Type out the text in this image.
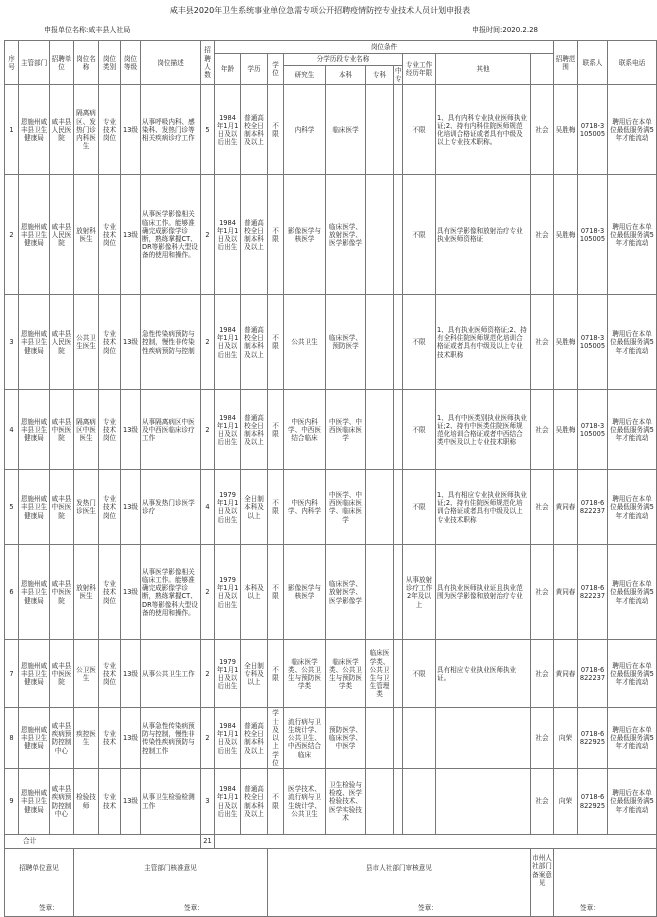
咸丰县2020年卫生系统事业单位急需专项公开招聘疫情防控专业技术人员计划申报表
申报单位名称:咸丰县人社局	申报时间:2020.2.28
序号	主管部门	招聘单位	岗位名称	岗位类别	岗位等级	岗位描述	招聘人数	岗位条件										招聘范围	联系人	联系电话	
								年龄	学历	学位	分学历段专业名称				专业工作经历年限	其他					
											研究生	本科	专科	中专							
1	恩施州咸丰县卫生健康局	咸丰县人民医院	隔离病区、发热门诊内科医生	专业技术岗位	13级	从事呼吸内科、感染科、发热门诊等相关疾病诊疗工作	5	1984年1月1日及以后出生	普通高校全日制本科及以上	不限	内科学	临床医学			不限	1、具有内科专业执业医师执业证;2、持有内科住院医师规范化培训合格证或者具有中级及以上专业技术职称。	社会	吴胜梅	0718-3105005	聘用后在本单位最低服务满5年才能流动	
2	恩施州咸丰县卫生健康局	咸丰县人民医院	放射科医生	专业技术岗位	13级	从事医学影像相关临床工作。能够准确完成影像学诊断，熟练掌握CT、DR等影像科大型设备的使用和操作。	2	1984年1月1日及以后出生	普通高校全日制本科及以上	不限	影像医学与核医学	临床医学、放射医学、医学影像学			不限	具有医学影像和放射治疗专业执业医师资格证	社会	吴胜梅	0718-3105005	聘用后在本单位最低服务满5年才能流动	
3	恩施州咸丰县卫生健康局	咸丰县人民医院	公共卫生医生	专业技术岗位	13级	急性传染病预防与控制，慢性非传染性疾病预防与控制	2	1984年1月1日及以后出生	普通高校全日制本科及以上	不限	公共卫生	临床医学、预防医学			不限	1、具有执业医师资格证;2、持有全科住院医师规范化培训合格证或者具有中级及以上专业技术职称	社会	吴胜梅	0718-3105005	聘用后在本单位最低服务满5年才能流动	
4	恩施州咸丰县卫生健康局	咸丰县中医医院	隔离病区中医医生	专业技术岗位	13级	从事隔离病区中医及中西医临床诊疗工作	2	1984年1月1日及以后出生	普通高校全日制本科及以上	不限	中医内科学、中西医结合临床	中医学、中西医临床医学			不限	1、具有中医类别执业医师执业证;2、持有中医类住院医师规范化培训合格证或者中西结合类中医及以上专业技术职称	社会	吴胜梅	0718-3105005	聘用后在本单位最低服务满5年才能流动	
5	恩施州咸丰县卫生健康局	咸丰县中医医院	发热门诊医生	专业技术岗位	13级	从事发热门诊医学诊疗	4	1979年1月1日及以后出生	全日制本科及以上	不限	中医内科学、内科学	中医学、中西医临床医学、临床医学			不限	1、具有相应专业执业医师执业证;2、持有住院医师规范化培训合格证或者具有中级及以上专业技术职称	社会	黄同春	0718-6822237	聘用后在本单位最低服务满5年才能流动	
6	恩施州咸丰县卫生健康局	咸丰县中医医院	放射科医生	专业技术岗位	13级	从事医学影像相关临床工作。能够准确完成影像学诊断，熟练掌握CT、DR等影像科大型设备的使用和操作。	2	1979年1月1日及以后出生	本科及以上	不限	影像医学与核医学	临床医学、放射医学、医学影像学			从事放射诊疗工作2年及以上	具有执业医师执业证且执业范围为医学影像和放射治疗专业	社会	黄同春	0718-6822237	聘用后在本单位最低服务满5年才能流动	
7	恩施州咸丰县卫生健康局	咸丰县中医医院	公卫医生	专业技术岗位	13级	从事公共卫生工作	2	1979年1月1日及以后出生	全日制专科及以上	不限	临床医学类、公共卫生与预防医学类	临床医学类、公共卫生与预防医学类	临床医学类、公共卫生与卫生管理类		不限	具有相应专业执业医师执业证。	社会	黄同春	0718-6822237	聘用后在本单位最低服务满5年才能流动	
8	恩施州咸丰县卫生健康局	咸丰县疾病预防控制中心	疾控医生	专业技术	13级	从事急性传染病预防与控制，慢性非传染性疾病预防与控制工作	2	1984年1月1日及以后出生	普通高校全日制本科及以上	学士及以上学位	流行病与卫生统计学、公共卫生、中西医结合临床	预防医学、临床医学、中医学					社会	向荣	0718-6822925	聘用后在本单位最低服务满5年才能流动	
9	恩施州咸丰县卫生健康局	咸丰县疾病预防控制中心	检验技师	专业技术	13级	从事卫生检验检测工作	3	1984年1月1日及以后出生	普通高校全日制本科及以上	不限	医学技术、流行病与卫生统计学、公共卫生	卫生检验与检疫、医学检验技术、医学实验技术					社会	向荣	0718-6822925	聘用后在本单位最低服务满5年才能流动	
合计							21														

招聘单位意见
签章：			主管部门核准意见
签章：							县市人社部门审核意见
签章：							市州人社部门备案意见	签章：			
